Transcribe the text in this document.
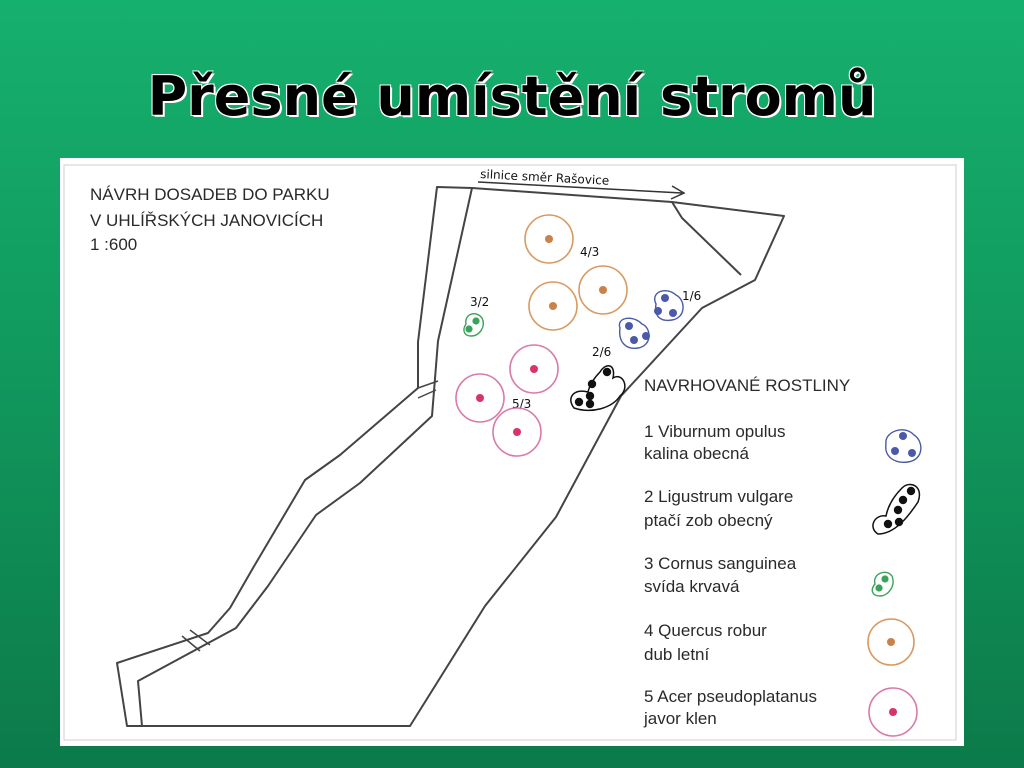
Přesné umístění stromů
silnice směr Rašovice
NÁVRH DOSADEB DO PARKU
V UHLÍŘSKÝCH JANOVICÍCH
1 :600	4/3
1/6
3/2
2/6
5/3
NAVRHOVANÉ ROSTLINY
1 Viburnum opulus
kalina obecná
2 Ligustrum vulgare
ptačí zob obecný
3 Cornus sanguinea
svída krvavá
4 Quercus robur
dub letní
5 Acer pseudoplatanus
javor klen
